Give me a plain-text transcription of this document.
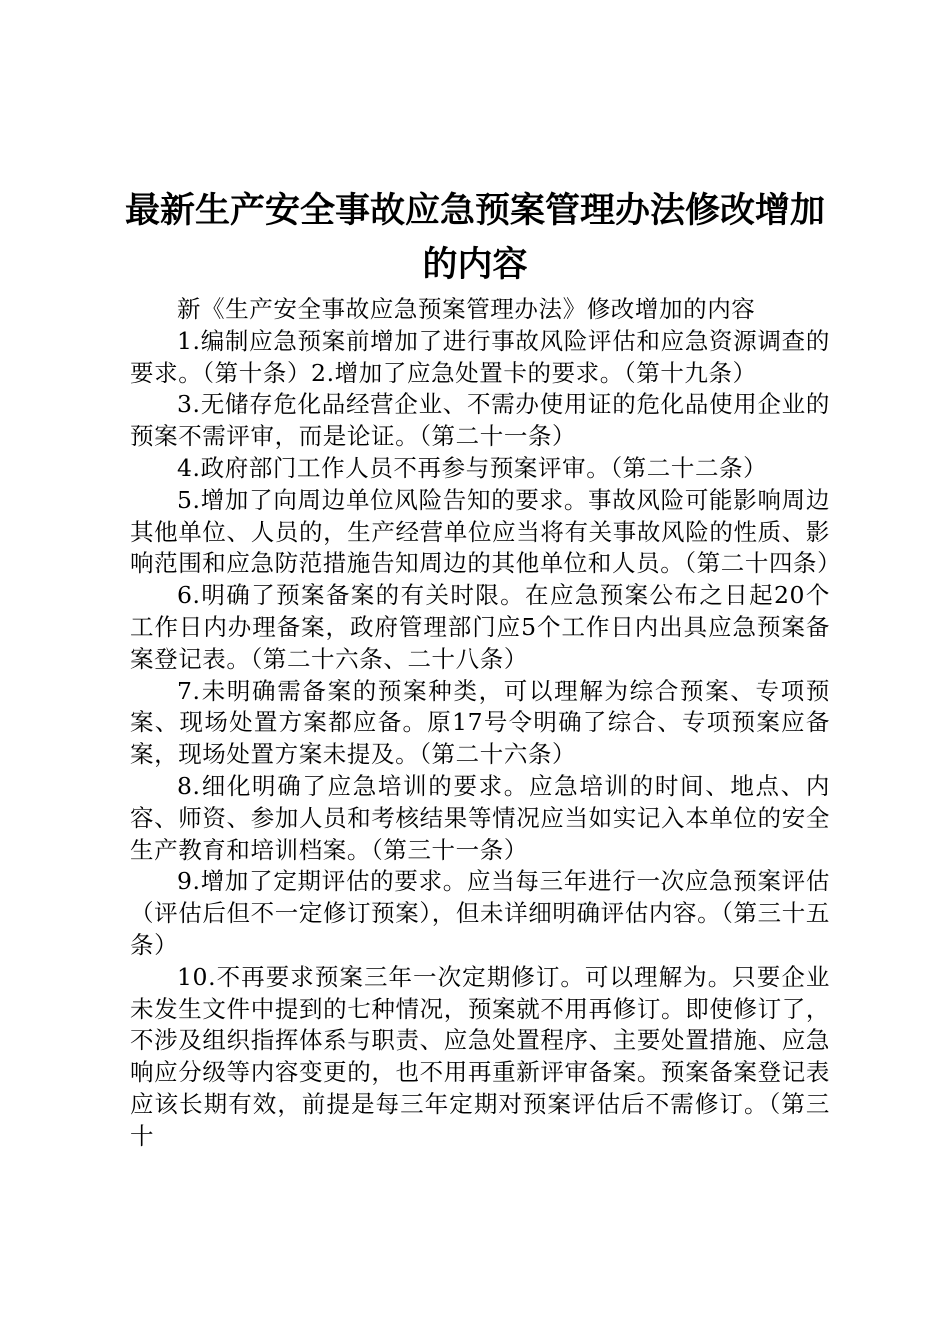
最新生产安全事故应急预案管理办法修改增加的内容

新《生产安全事故应急预案管理办法》修改增加的内容

1.编制应急预案前增加了进行事故风险评估和应急资源调查的要求。（第十条）2.增加了应急处置卡的要求。（第十九条）

3.无储存危化品经营企业、不需办使用证的危化品使用企业的预案不需评审，而是论证。（第二十一条）

4.政府部门工作人员不再参与预案评审。（第二十二条）

5.增加了向周边单位风险告知的要求。事故风险可能影响周边其他单位、人员的，生产经营单位应当将有关事故风险的性质、影响范围和应急防范措施告知周边的其他单位和人员。（第二十四条）

6.明确了预案备案的有关时限。在应急预案公布之日起20个工作日内办理备案，政府管理部门应5个工作日内出具应急预案备案登记表。（第二十六条、二十八条）

7.未明确需备案的预案种类，可以理解为综合预案、专项预案、现场处置方案都应备。原17号令明确了综合、专项预案应备案，现场处置方案未提及。（第二十六条）

8.细化明确了应急培训的要求。应急培训的时间、地点、内容、师资、参加人员和考核结果等情况应当如实记入本单位的安全生产教育和培训档案。（第三十一条）

9.增加了定期评估的要求。应当每三年进行一次应急预案评估（评估后但不一定修订预案），但未详细明确评估内容。（第三十五条）

10.不再要求预案三年一次定期修订。可以理解为。只要企业未发生文件中提到的七种情况，预案就不用再修订。即使修订了，不涉及组织指挥体系与职责、应急处置程序、主要处置措施、应急响应分级等内容变更的，也不用再重新评审备案。预案备案登记表应该长期有效，前提是每三年定期对预案评估后不需修订。（第三十
